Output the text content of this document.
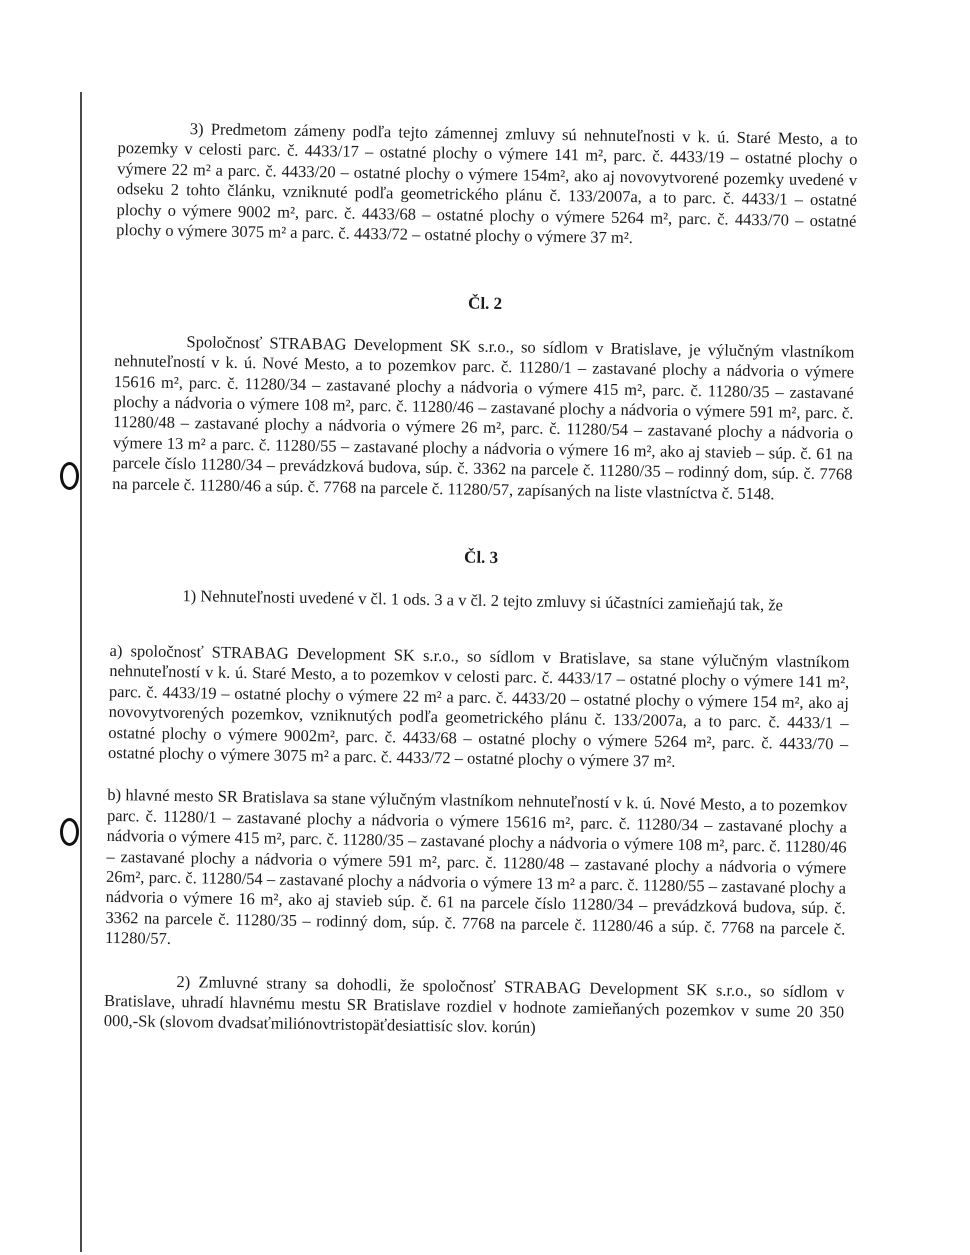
3) Predmetom zámeny podľa tejto zámennej zmluvy sú nehnuteľnosti v k. ú. Staré Mesto, a to pozemky v celosti parc. č. 4433/17 – ostatné plochy o výmere 141 m², parc. č. 4433/19 – ostatné plochy o výmere 22 m² a parc. č. 4433/20 – ostatné plochy o výmere 154m², ako aj novovytvorené pozemky uvedené v odseku 2 tohto článku, vzniknuté podľa geometrického plánu č. 133/2007a, a to parc. č. 4433/1 – ostatné plochy o výmere 9002 m², parc. č. 4433/68 – ostatné plochy o výmere 5264 m², parc. č. 4433/70 – ostatné plochy o výmere 3075 m² a parc. č. 4433/72 – ostatné plochy o výmere 37 m².

Čl. 2

Spoločnosť STRABAG Development SK s.r.o., so sídlom v Bratislave, je výlučným vlastníkom nehnuteľností v k. ú. Nové Mesto, a to pozemkov parc. č. 11280/1 – zastavané plochy a nádvoria o výmere 15616 m², parc. č. 11280/34 – zastavané plochy a nádvoria o výmere 415 m², parc. č. 11280/35 – zastavané plochy a nádvoria o výmere 108 m², parc. č. 11280/46 – zastavané plochy a nádvoria o výmere 591 m², parc. č. 11280/48 – zastavané plochy a nádvoria o výmere 26 m², parc. č. 11280/54 – zastavané plochy a nádvoria o výmere 13 m² a parc. č. 11280/55 – zastavané plochy a nádvoria o výmere 16 m², ako aj stavieb – súp. č. 61 na parcele číslo 11280/34 – prevádzková budova, súp. č. 3362 na parcele č. 11280/35 – rodinný dom, súp. č. 7768 na parcele č. 11280/46 a súp. č. 7768 na parcele č. 11280/57, zapísaných na liste vlastníctva č. 5148.

Čl. 3

1) Nehnuteľnosti uvedené v čl. 1 ods. 3 a v čl. 2 tejto zmluvy si účastníci zamieňajú tak, že

a) spoločnosť STRABAG Development SK s.r.o., so sídlom v Bratislave, sa stane výlučným vlastníkom nehnuteľností v k. ú. Staré Mesto, a to pozemkov v celosti parc. č. 4433/17 – ostatné plochy o výmere 141 m², parc. č. 4433/19 – ostatné plochy o výmere 22 m² a parc. č. 4433/20 – ostatné plochy o výmere 154 m², ako aj novovytvorených pozemkov, vzniknutých podľa geometrického plánu č. 133/2007a, a to parc. č. 4433/1 – ostatné plochy o výmere 9002m², parc. č. 4433/68 – ostatné plochy o výmere 5264 m², parc. č. 4433/70 – ostatné plochy o výmere 3075 m² a parc. č. 4433/72 – ostatné plochy o výmere 37 m².

b) hlavné mesto SR Bratislava sa stane výlučným vlastníkom nehnuteľností v k. ú. Nové Mesto, a to pozemkov parc. č. 11280/1 – zastavané plochy a nádvoria o výmere 15616 m², parc. č. 11280/34 – zastavané plochy a nádvoria o výmere 415 m², parc. č. 11280/35 – zastavané plochy a nádvoria o výmere 108 m², parc. č. 11280/46 – zastavané plochy a nádvoria o výmere 591 m², parc. č. 11280/48 – zastavané plochy a nádvoria o výmere 26m², parc. č. 11280/54 – zastavané plochy a nádvoria o výmere 13 m² a parc. č. 11280/55 – zastavané plochy a nádvoria o výmere 16 m², ako aj stavieb súp. č. 61 na parcele číslo 11280/34 – prevádzková budova, súp. č. 3362 na parcele č. 11280/35 – rodinný dom, súp. č. 7768 na parcele č. 11280/46 a súp. č. 7768 na parcele č. 11280/57.

2) Zmluvné strany sa dohodli, že spoločnosť STRABAG Development SK s.r.o., so sídlom v Bratislave, uhradí hlavnému mestu SR Bratislave rozdiel v hodnote zamieňaných pozemkov v sume 20 350 000,-Sk (slovom dvadsaťmiliónovtristopäťdesiattisíc slov. korún)
